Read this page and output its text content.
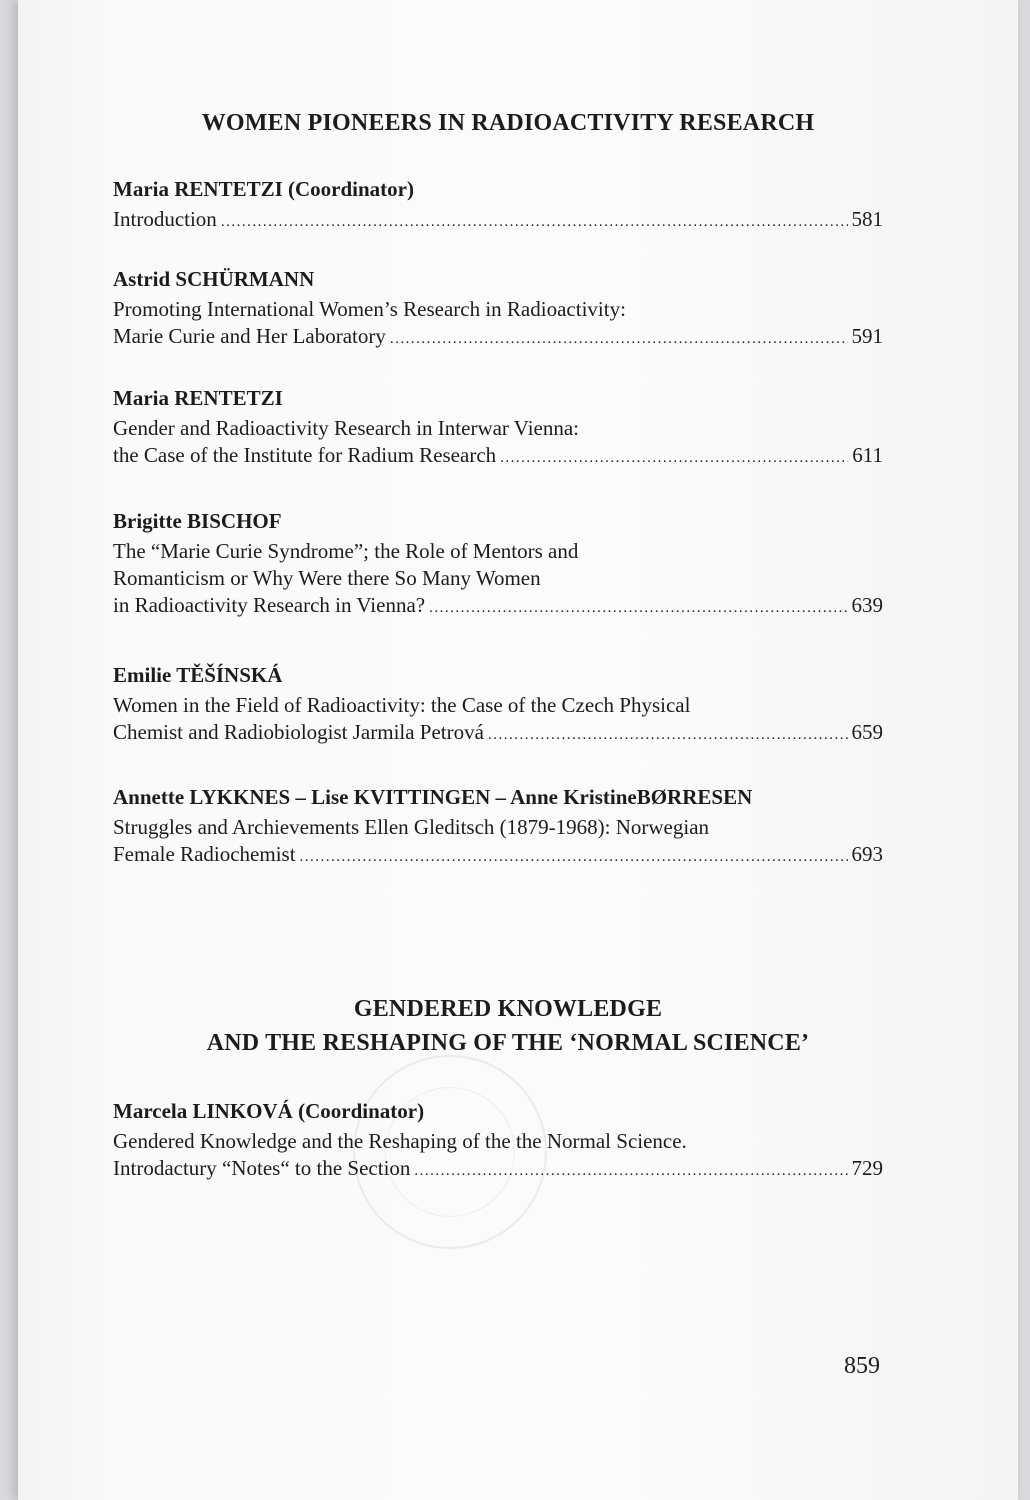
WOMEN PIONEERS IN RADIOACTIVITY RESEARCH
Maria RENTETZI (Coordinator)
Introduction .....	581
Astrid SCHÜRMANN
Promoting International Women’s Research in Radioactivity:
Marie Curie and Her Laboratory .....	591
Maria RENTETZI
Gender and Radioactivity Research in Interwar Vienna:
the Case of the Institute for Radium Research .....	611
Brigitte BISCHOF
The “Marie Curie Syndrome”; the Role of Mentors and
Romanticism or Why Were there So Many Women
in Radioactivity Research in Vienna? .....	639
Emilie TĚŠÍNSKÁ
Women in the Field of Radioactivity: the Case of the Czech Physical
Chemist and Radiobiologist Jarmila Petrová .....	659
Annette LYKKNES – Lise KVITTINGEN – Anne KristineBØRRESEN
Struggles and Archievements Ellen Gleditsch (1879-1968): Norwegian
Female Radiochemist .....	693
GENDERED KNOWLEDGE
AND THE RESHAPING OF THE ‘NORMAL SCIENCE’
Marcela LINKOVÁ (Coordinator)
Gendered Knowledge and the Reshaping of the the Normal Science.
Introdactury “Notes“ to the Section .....	729
859
